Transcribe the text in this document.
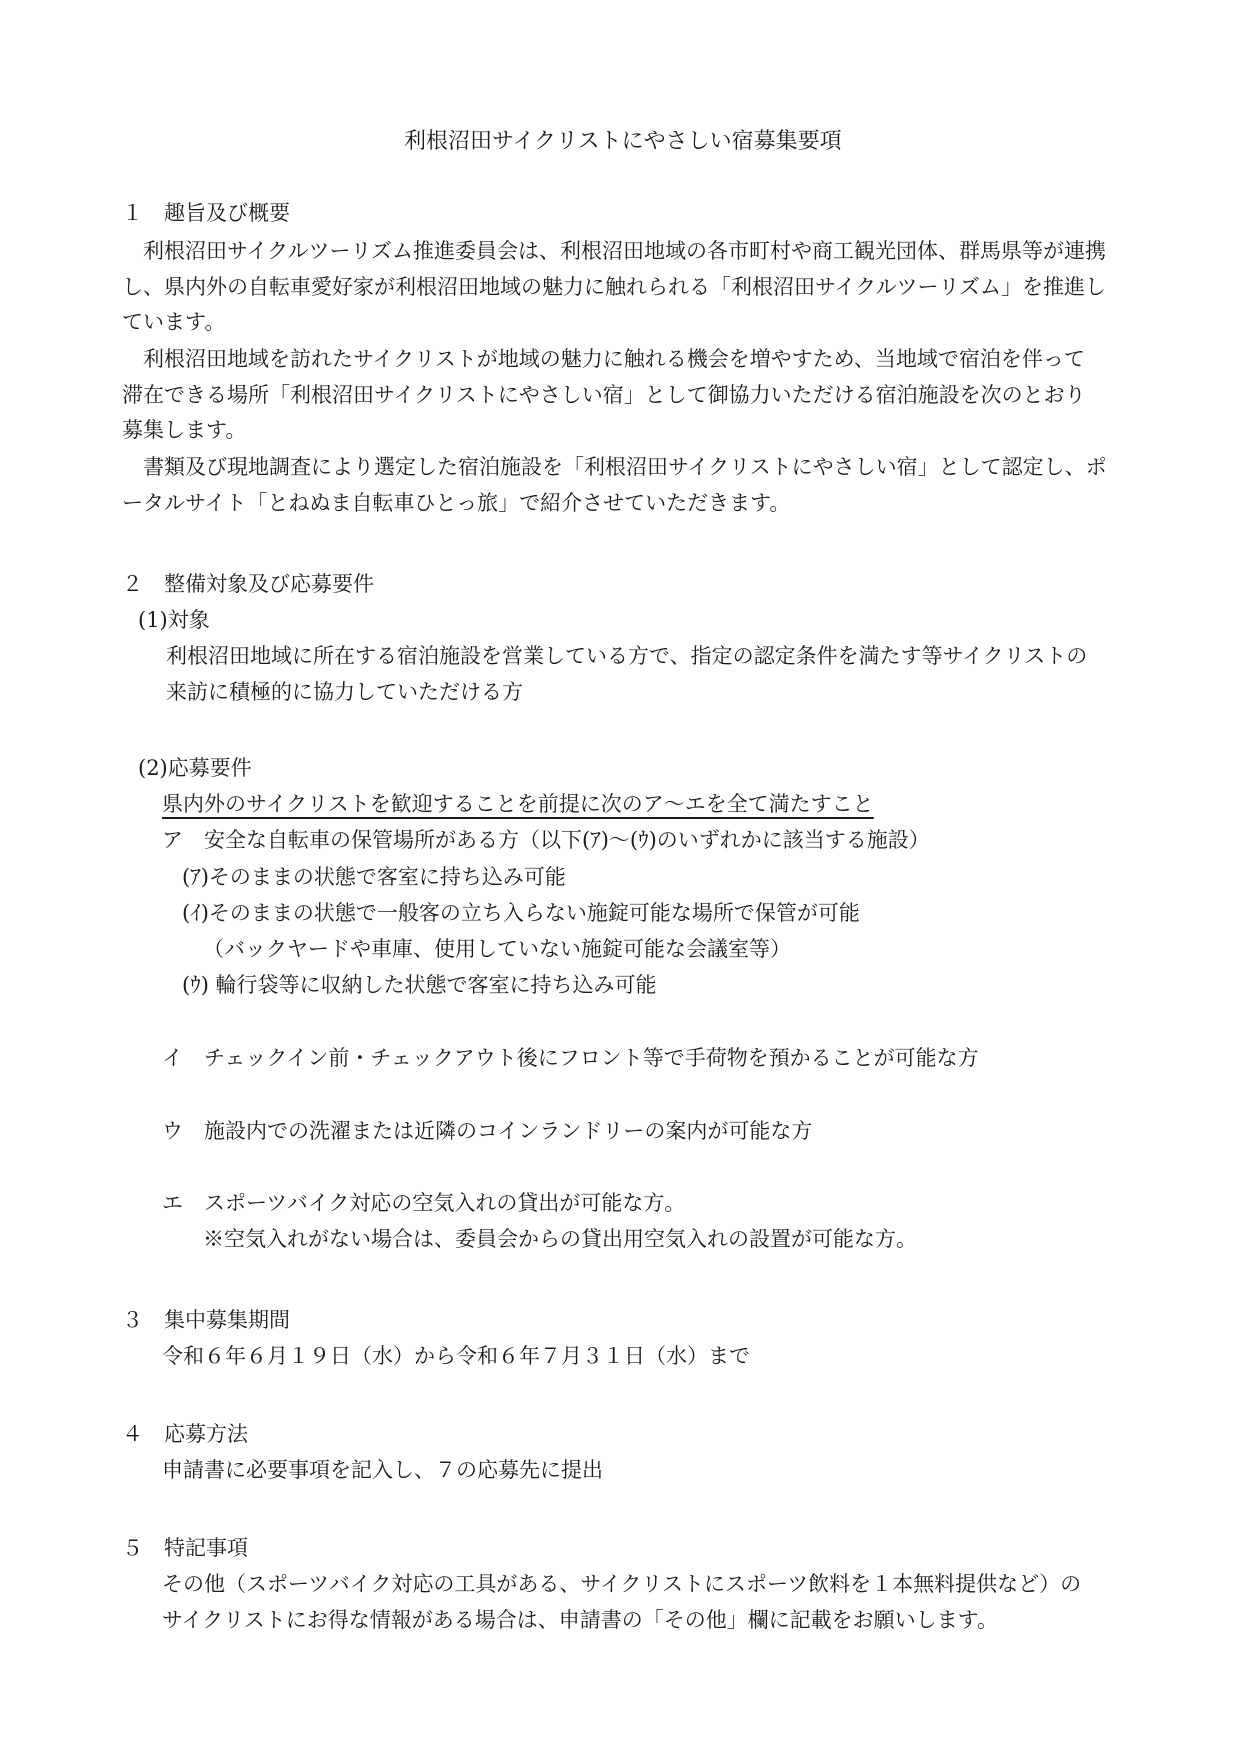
利根沼田サイクリストにやさしい宿募集要項
１　趣旨及び概要
　利根沼田サイクルツーリズム推進委員会は、利根沼田地域の各市町村や商工観光団体、群馬県等が連携
し、県内外の自転車愛好家が利根沼田地域の魅力に触れられる「利根沼田サイクルツーリズム」を推進し
ています。
　利根沼田地域を訪れたサイクリストが地域の魅力に触れる機会を増やすため、当地域で宿泊を伴って
滞在できる場所「利根沼田サイクリストにやさしい宿」として御協力いただける宿泊施設を次のとおり
募集します。
　書類及び現地調査により選定した宿泊施設を「利根沼田サイクリストにやさしい宿」として認定し、ポ
ータルサイト「とねぬま自転車ひとっ旅」で紹介させていただきます。
２　整備対象及び応募要件
(1)対象
利根沼田地域に所在する宿泊施設を営業している方で、指定の認定条件を満たす等サイクリストの
来訪に積極的に協力していただける方
(2)応募要件
県内外のサイクリストを歓迎することを前提に次のア～エを全て満たすこと
ア　安全な自転車の保管場所がある方（以下(ｱ)～(ｳ)のいずれかに該当する施設）
(ｱ)そのままの状態で客室に持ち込み可能
(ｲ)そのままの状態で一般客の立ち入らない施錠可能な場所で保管が可能
（バックヤードや車庫、使用していない施錠可能な会議室等）
(ｳ) 輪行袋等に収納した状態で客室に持ち込み可能
イ　チェックイン前・チェックアウト後にフロント等で手荷物を預かることが可能な方
ウ　施設内での洗濯または近隣のコインランドリーの案内が可能な方
エ　スポーツバイク対応の空気入れの貸出が可能な方。
※空気入れがない場合は、委員会からの貸出用空気入れの設置が可能な方。
３　集中募集期間
令和６年６月１９日（水）から令和６年７月３１日（水）まで
４　応募方法
申請書に必要事項を記入し、７の応募先に提出
５　特記事項
その他（スポーツバイク対応の工具がある、サイクリストにスポーツ飲料を１本無料提供など）の
サイクリストにお得な情報がある場合は、申請書の「その他」欄に記載をお願いします。
